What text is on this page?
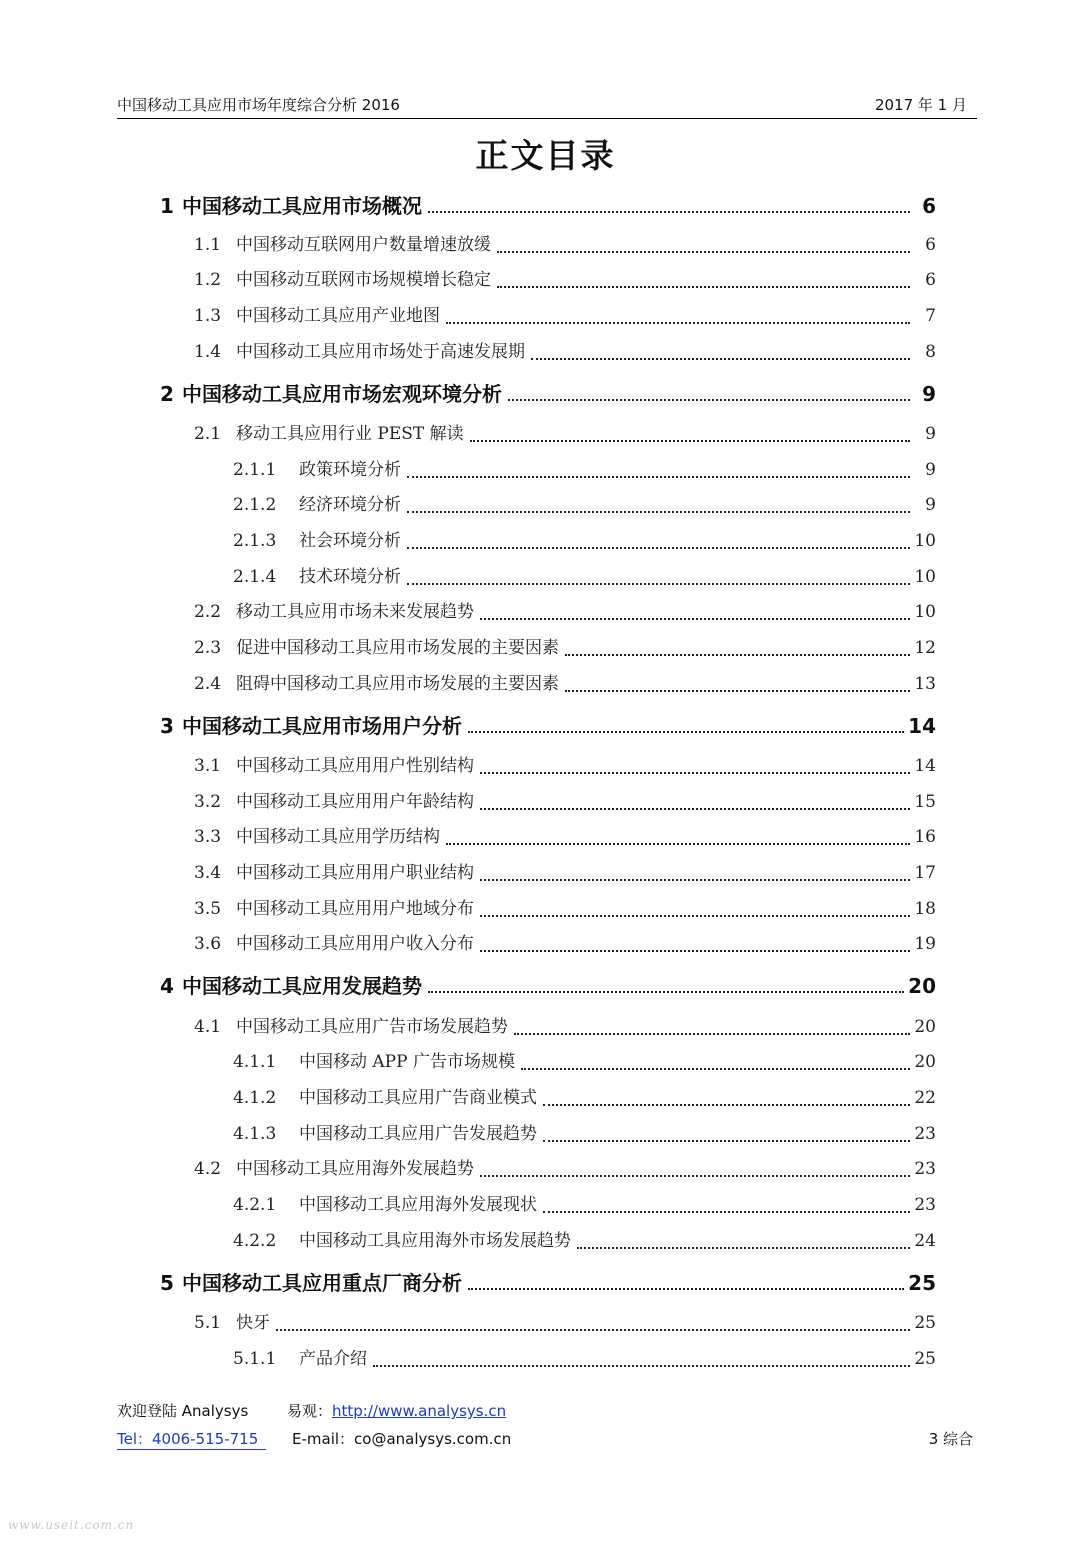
中国移动工具应用市场年度综合分析 2016	2017 年 1 月
正文目录
1 中国移动工具应用市场概况	6
1.1 中国移动互联网用户数量增速放缓	6
1.2 中国移动互联网市场规模增长稳定	6
1.3 中国移动工具应用产业地图	7
1.4 中国移动工具应用市场处于高速发展期	8
2 中国移动工具应用市场宏观环境分析	9
2.1 移动工具应用行业 PEST 解读	9
2.1.1	政策环境分析	9
2.1.2	经济环境分析	9
2.1.3	社会环境分析	10
2.1.4	技术环境分析	10
2.2 移动工具应用市场未来发展趋势	10
2.3 促进中国移动工具应用市场发展的主要因素	12
2.4 阻碍中国移动工具应用市场发展的主要因素	13
3 中国移动工具应用市场用户分析	14
3.1 中国移动工具应用用户性别结构	14
3.2 中国移动工具应用用户年龄结构	15
3.3 中国移动工具应用学历结构	16
3.4 中国移动工具应用用户职业结构	17
3.5 中国移动工具应用用户地域分布	18
3.6 中国移动工具应用用户收入分布	19
4 中国移动工具应用发展趋势	20
4.1 中国移动工具应用广告市场发展趋势	20
4.1.1	中国移动 APP 广告市场规模	20
4.1.2	中国移动工具应用广告商业模式	22
4.1.3	中国移动工具应用广告发展趋势	23
4.2 中国移动工具应用海外发展趋势	23
4.2.1	中国移动工具应用海外发展现状	23
4.2.2	中国移动工具应用海外市场发展趋势	24
5 中国移动工具应用重点厂商分析	25
5.1 快牙	25
5.1.1	产品介绍	25
欢迎登陆 Analysys	易观：http://www.analysys.cn
Tel：4006-515-715	E-mail：co@analysys.com.cn	3 综合
www.useit.com.cn
